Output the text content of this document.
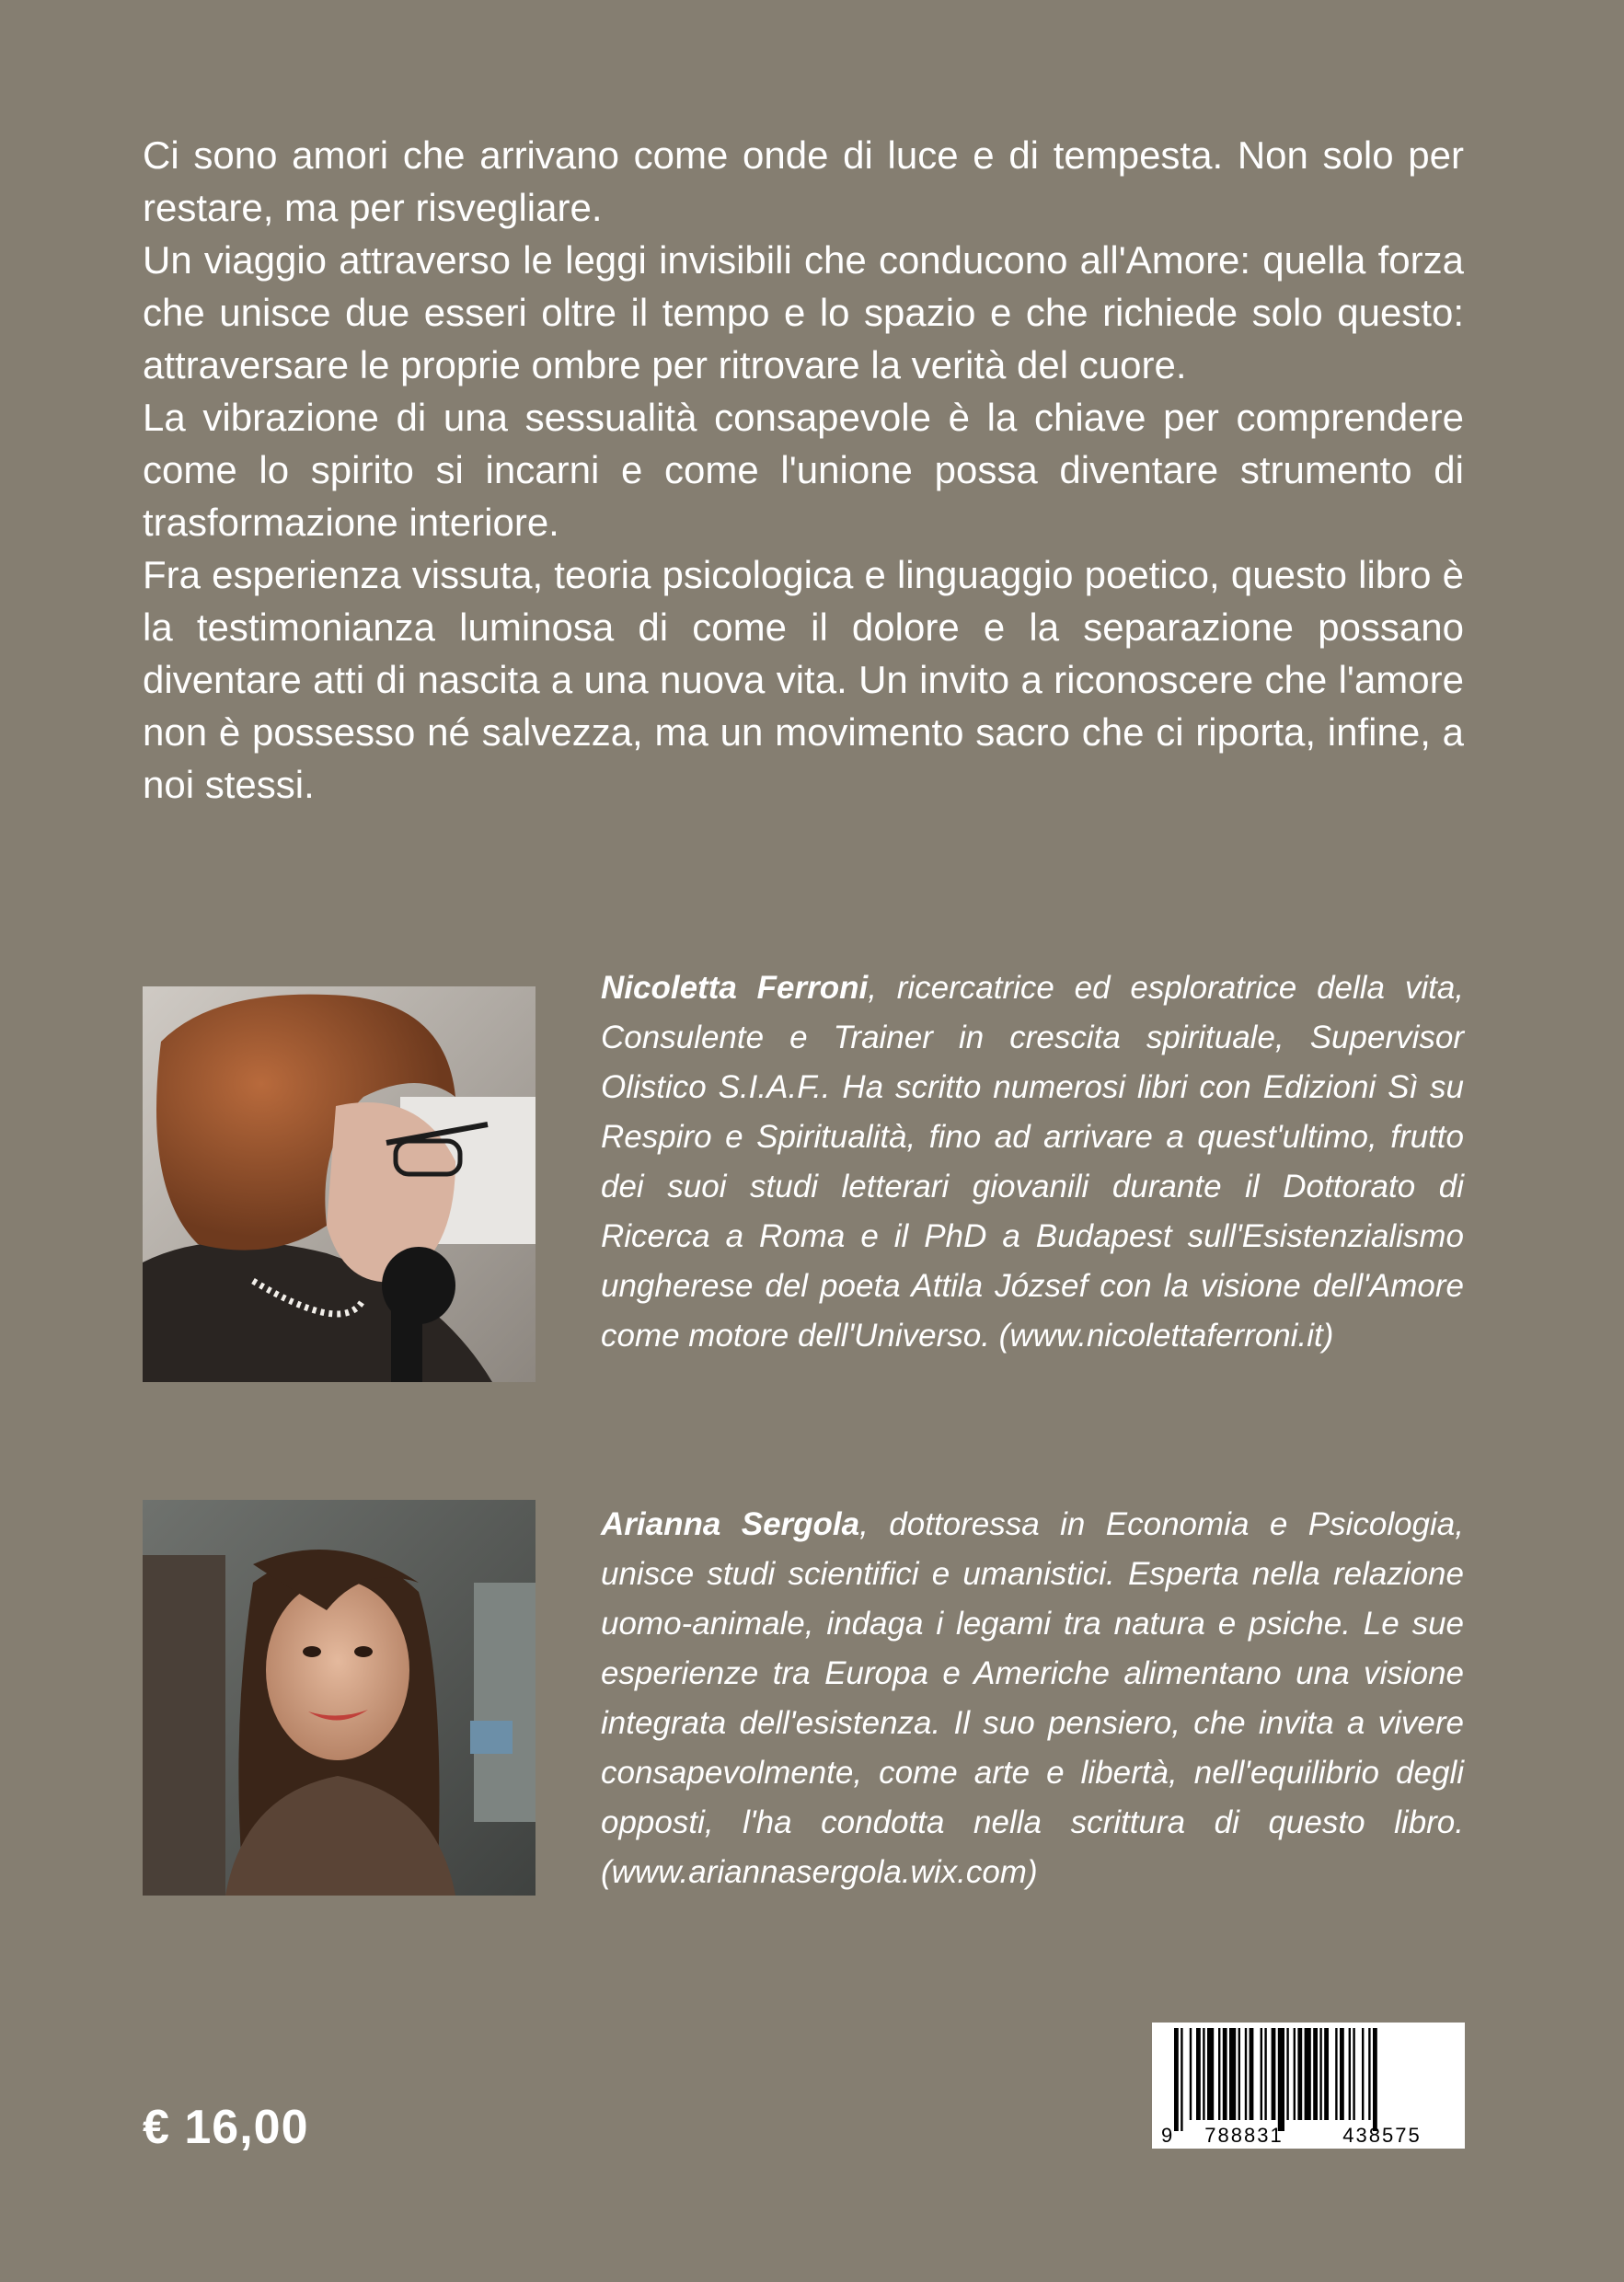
Ci sono amori che arrivano come onde di luce e di tempesta. Non solo per restare, ma per risvegliare.

Un viaggio attraverso le leggi invisibili che conducono all'Amore: quella forza che unisce due esseri oltre il tempo e lo spazio e che richiede solo questo: attraversare le proprie ombre per ritrovare la verità del cuore.

La vibrazione di una sessualità consapevole è la chiave per comprendere come lo spirito si incarni e come l'unione possa diventare strumento di trasformazione interiore.

Fra esperienza vissuta, teoria psicologica e linguaggio poetico, questo libro è la testimonianza luminosa di come il dolore e la separazione possano diventare atti di nascita a una nuova vita. Un invito a riconoscere che l'amore non è possesso né salvezza, ma un movimento sacro che ci riporta, infine, a noi stessi.

Nicoletta Ferroni, ricercatrice ed esploratrice della vita, Consulente e Trainer in crescita spirituale, Supervisor Olistico S.I.A.F.. Ha scritto numerosi libri con Edizioni Sì su Respiro e Spiritualità, fino ad arrivare a quest'ultimo, frutto dei suoi studi letterari giovanili durante il Dottorato di Ricerca a Roma e il PhD a Budapest sull'Esistenzialismo ungherese del poeta Attila József con la visione dell'Amore come motore dell'Universo. (www.nicolettaferroni.it)

Arianna Sergola, dottoressa in Economia e Psicologia, unisce studi scientifici e umanistici. Esperta nella relazione uomo-animale, indaga i legami tra natura e psiche. Le sue esperienze tra Europa e Americhe alimentano una visione integrata dell'esistenza. Il suo pensiero, che invita a vivere consapevolmente, come arte e libertà, nell'equilibrio degli opposti, l'ha condotta nella scrittura di questo libro. (www.ariannasergola.wix.com)

€ 16,00	9 788831	438575
